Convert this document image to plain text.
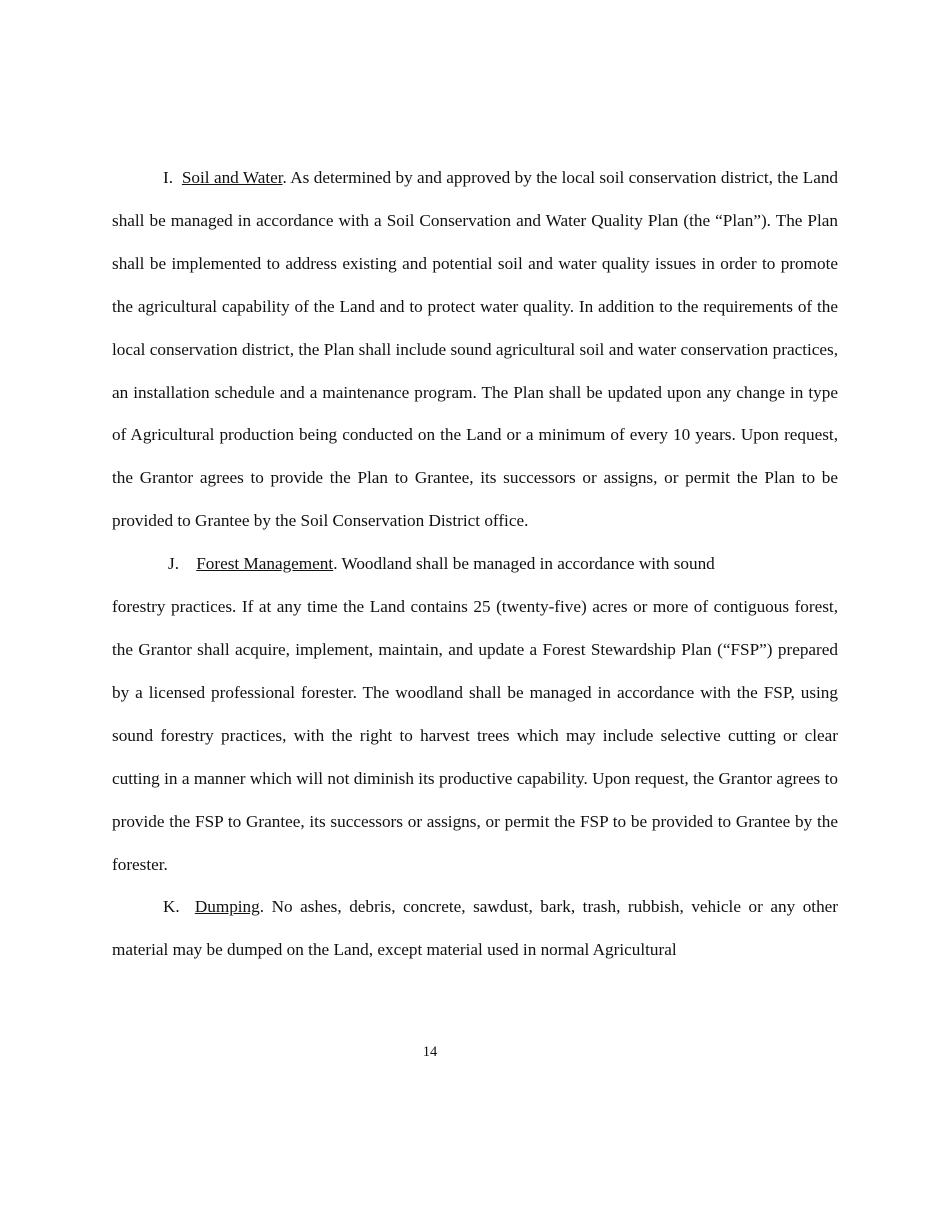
I. Soil and Water. As determined by and approved by the local soil conservation district, the Land shall be managed in accordance with a Soil Conservation and Water Quality Plan (the “Plan”). The Plan shall be implemented to address existing and potential soil and water quality issues in order to promote the agricultural capability of the Land and to protect water quality. In addition to the requirements of the local conservation district, the Plan shall include sound agricultural soil and water conservation practices, an installation schedule and a maintenance program. The Plan shall be updated upon any change in type of Agricultural production being conducted on the Land or a minimum of every 10 years. Upon request, the Grantor agrees to provide the Plan to Grantee, its successors or assigns, or permit the Plan to be provided to Grantee by the Soil Conservation District office.

J. Forest Management. Woodland shall be managed in accordance with sound
forestry practices. If at any time the Land contains 25 (twenty-five) acres or more of contiguous forest, the Grantor shall acquire, implement, maintain, and update a Forest Stewardship Plan (“FSP”) prepared by a licensed professional forester. The woodland shall be managed in accordance with the FSP, using sound forestry practices, with the right to harvest trees which may include selective cutting or clear cutting in a manner which will not diminish its productive capability. Upon request, the Grantor agrees to provide the FSP to Grantee, its successors or assigns, or permit the FSP to be provided to Grantee by the forester.

K. Dumping. No ashes, debris, concrete, sawdust, bark, trash, rubbish, vehicle or any other material may be dumped on the Land, except material used in normal Agricultural

14
